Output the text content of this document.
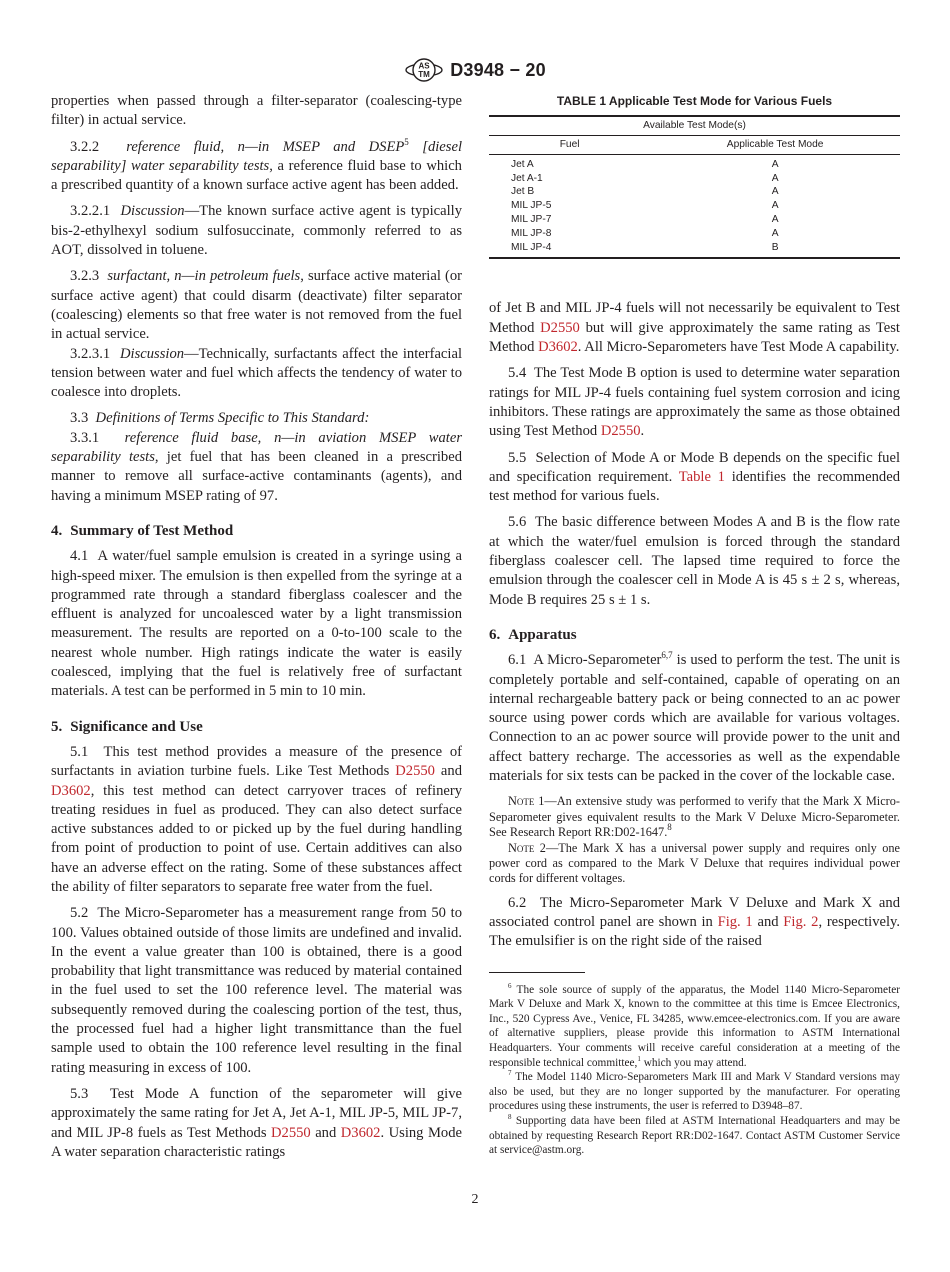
AS
TM D3948 − 20

properties when passed through a filter-separator (coalescing-type filter) in actual service.

3.2.2 reference fluid, n—in MSEP and DSEP$^5$ [diesel separability] water separability tests, a reference fluid base to which a prescribed quantity of a known surface active agent has been added.

3.2.2.1 Discussion—The known surface active agent is typically bis-2-ethylhexyl sodium sulfosuccinate, commonly referred to as AOT, dissolved in toluene.

3.2.3 surfactant, n—in petroleum fuels, surface active material (or surface active agent) that could disarm (deactivate) filter separator (coalescing) elements so that free water is not removed from the fuel in actual service.

3.2.3.1 Discussion—Technically, surfactants affect the interfacial tension between water and fuel which affects the tendency of water to coalesce into droplets.

3.3 Definitions of Terms Specific to This Standard:

3.3.1 reference fluid base, n—in aviation MSEP water separability tests, jet fuel that has been cleaned in a prescribed manner to remove all surface-active contaminants (agents), and having a minimum MSEP rating of 97.

4. Summary of Test Method

4.1 A water/fuel sample emulsion is created in a syringe using a high-speed mixer. The emulsion is then expelled from the syringe at a programmed rate through a standard fiberglass coalescer and the effluent is analyzed for uncoalesced water by a light transmission measurement. The results are reported on a 0-to-100 scale to the nearest whole number. High ratings indicate the water is easily coalesced, implying that the fuel is relatively free of surfactant materials. A test can be performed in 5 min to 10 min.

5. Significance and Use

5.1 This test method provides a measure of the presence of surfactants in aviation turbine fuels. Like Test Methods D2550 and D3602, this test method can detect carryover traces of refinery treating residues in fuel as produced. They can also detect surface active substances added to or picked up by the fuel during handling from point of production to point of use. Certain additives can also have an adverse effect on the rating. Some of these substances affect the ability of filter separators to separate free water from the fuel.

5.2 The Micro-Separometer has a measurement range from 50 to 100. Values obtained outside of those limits are undefined and invalid. In the event a value greater than 100 is obtained, there is a good probability that light transmittance was reduced by material contained in the fuel used to set the 100 reference level. The material was subsequently removed during the coalescing portion of the test, thus, the processed fuel had a higher light transmittance than the fuel sample used to obtain the 100 reference level resulting in the final rating measuring in excess of 100.

5.3 Test Mode A function of the separometer will give approximately the same rating for Jet A, Jet A-1, MIL JP-5, MIL JP-7, and MIL JP-8 fuels as Test Methods D2550 and D3602. Using Mode A water separation characteristic ratings

TABLE 1 Applicable Test Mode for Various Fuels
Available Test Mode(s)	
Fuel	Applicable Test Mode
Jet A	A
Jet A-1	A
Jet B	A
MIL JP-5	A
MIL JP-7	A
MIL JP-8	A
MIL JP-4	B

of Jet B and MIL JP-4 fuels will not necessarily be equivalent to Test Method D2550 but will give approximately the same rating as Test Method D3602. All Micro-Separometers have Test Mode A capability.

5.4 The Test Mode B option is used to determine water separation ratings for MIL JP-4 fuels containing fuel system corrosion and icing inhibitors. These ratings are approximately the same as those obtained using Test Method D2550.

5.5 Selection of Mode A or Mode B depends on the specific fuel and specification requirement. Table 1 identifies the recommended test method for various fuels.

5.6 The basic difference between Modes A and B is the flow rate at which the water/fuel emulsion is forced through the standard fiberglass coalescer cell. The lapsed time required to force the emulsion through the coalescer cell in Mode A is 45 s ± 2 s, whereas, Mode B requires 25 s ± 1 s.

6. Apparatus

6.1 A Micro-Separometer$^{6,7}$ is used to perform the test. The unit is completely portable and self-contained, capable of operating on an internal rechargeable battery pack or being connected to an ac power source using power cords which are available for various voltages. Connection to an ac power source will provide power to the unit and affect battery recharge. The accessories as well as the expendable materials for six tests can be packed in the cover of the lockable case.

Note 1—An extensive study was performed to verify that the Mark X Micro-Separometer gives equivalent results to the Mark V Deluxe Micro-Separometer. See Research Report RR:D02-1647.$^8$

Note 2—The Mark X has a universal power supply and requires only one power cord as compared to the Mark V Deluxe that requires individual power cords for different voltages.

6.2 The Micro-Separometer Mark V Deluxe and Mark X and associated control panel are shown in Fig. 1 and Fig. 2, respectively. The emulsifier is on the right side of the raised

$^6$ The sole source of supply of the apparatus, the Model 1140 Micro-Separometer Mark V Deluxe and Mark X, known to the committee at this time is Emcee Electronics, Inc., 520 Cypress Ave., Venice, FL 34285, www.emcee-electronics.com. If you are aware of alternative suppliers, please provide this information to ASTM International Headquarters. Your comments will receive careful consideration at a meeting of the responsible technical committee,$^1$ which you may attend.

$^7$ The Model 1140 Micro-Separometers Mark III and Mark V Standard versions may also be used, but they are no longer supported by the manufacturer. For operating procedures using these instruments, the user is referred to D3948–87.

$^8$ Supporting data have been filed at ASTM International Headquarters and may be obtained by requesting Research Report RR:D02-1647. Contact ASTM Customer Service at service@astm.org.

2
